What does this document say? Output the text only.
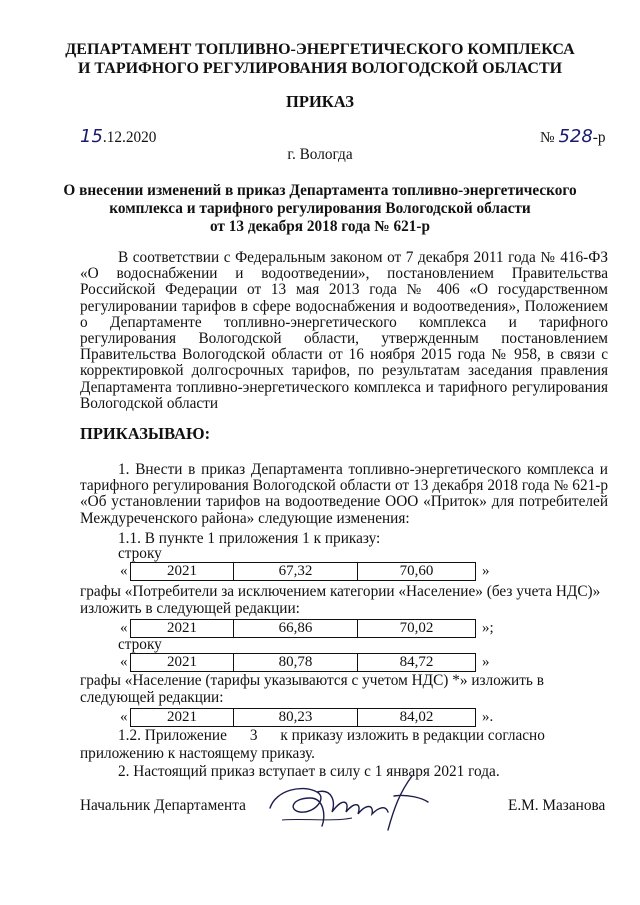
ДЕПАРТАМЕНТ ТОПЛИВНО-ЭНЕРГЕТИЧЕСКОГО КОМПЛЕКСА
И ТАРИФНОГО РЕГУЛИРОВАНИЯ ВОЛОГОДСКОЙ ОБЛАСТИ
ПРИКАЗ
15.12.2020	№ 528-р
г. Вологда
О внесении изменений в приказ Департамента топливно-энергетического
комплекса и тарифного регулирования Вологодской области
от 13 декабря 2018 года № 621-р
В соответствии с Федеральным законом от 7 декабря 2011 года № 416-ФЗ «О водоснабжении и водоотведении», постановлением Правительства Российской Федерации от 13 мая 2013 года № 406 «О государственном регулировании тарифов в сфере водоснабжения и водоотведения», Положением о Департаменте топливно-энергетического комплекса и тарифного регулирования Вологодской области, утвержденным постановлением Правительства Вологодской области от 16 ноября 2015 года № 958, в связи с корректировкой долгосрочных тарифов, по результатам заседания правления Департамента топливно-энергетического комплекса и тарифного регулирования Вологодской области
ПРИКАЗЫВАЮ:
1. Внести в приказ Департамента топливно-энергетического комплекса и тарифного регулирования Вологодской области от 13 декабря 2018 года № 621-р «Об установлении тарифов на водоотведение ООО «Приток» для потребителей Междуреченского района» следующие изменения:
1.1. В пункте 1 приложения 1 к приказу:
строку
«	2021	67,32	70,60	»
графы «Потребители за исключением категории «Население» (без учета НДС)»
изложить в следующей редакции:
«	2021	66,86	70,02	»;
строку
«	2021	80,78	84,72	»
графы «Население (тарифы указываются с учетом НДС) *» изложить в
следующей редакции:
«	2021	80,23	84,02	».
1.2. Приложение      3      к приказу изложить в редакции согласно
приложению к настоящему приказу.
2. Настоящий приказ вступает в силу с 1 января 2021 года.
Начальник Департамента	Е.М. Мазанова
